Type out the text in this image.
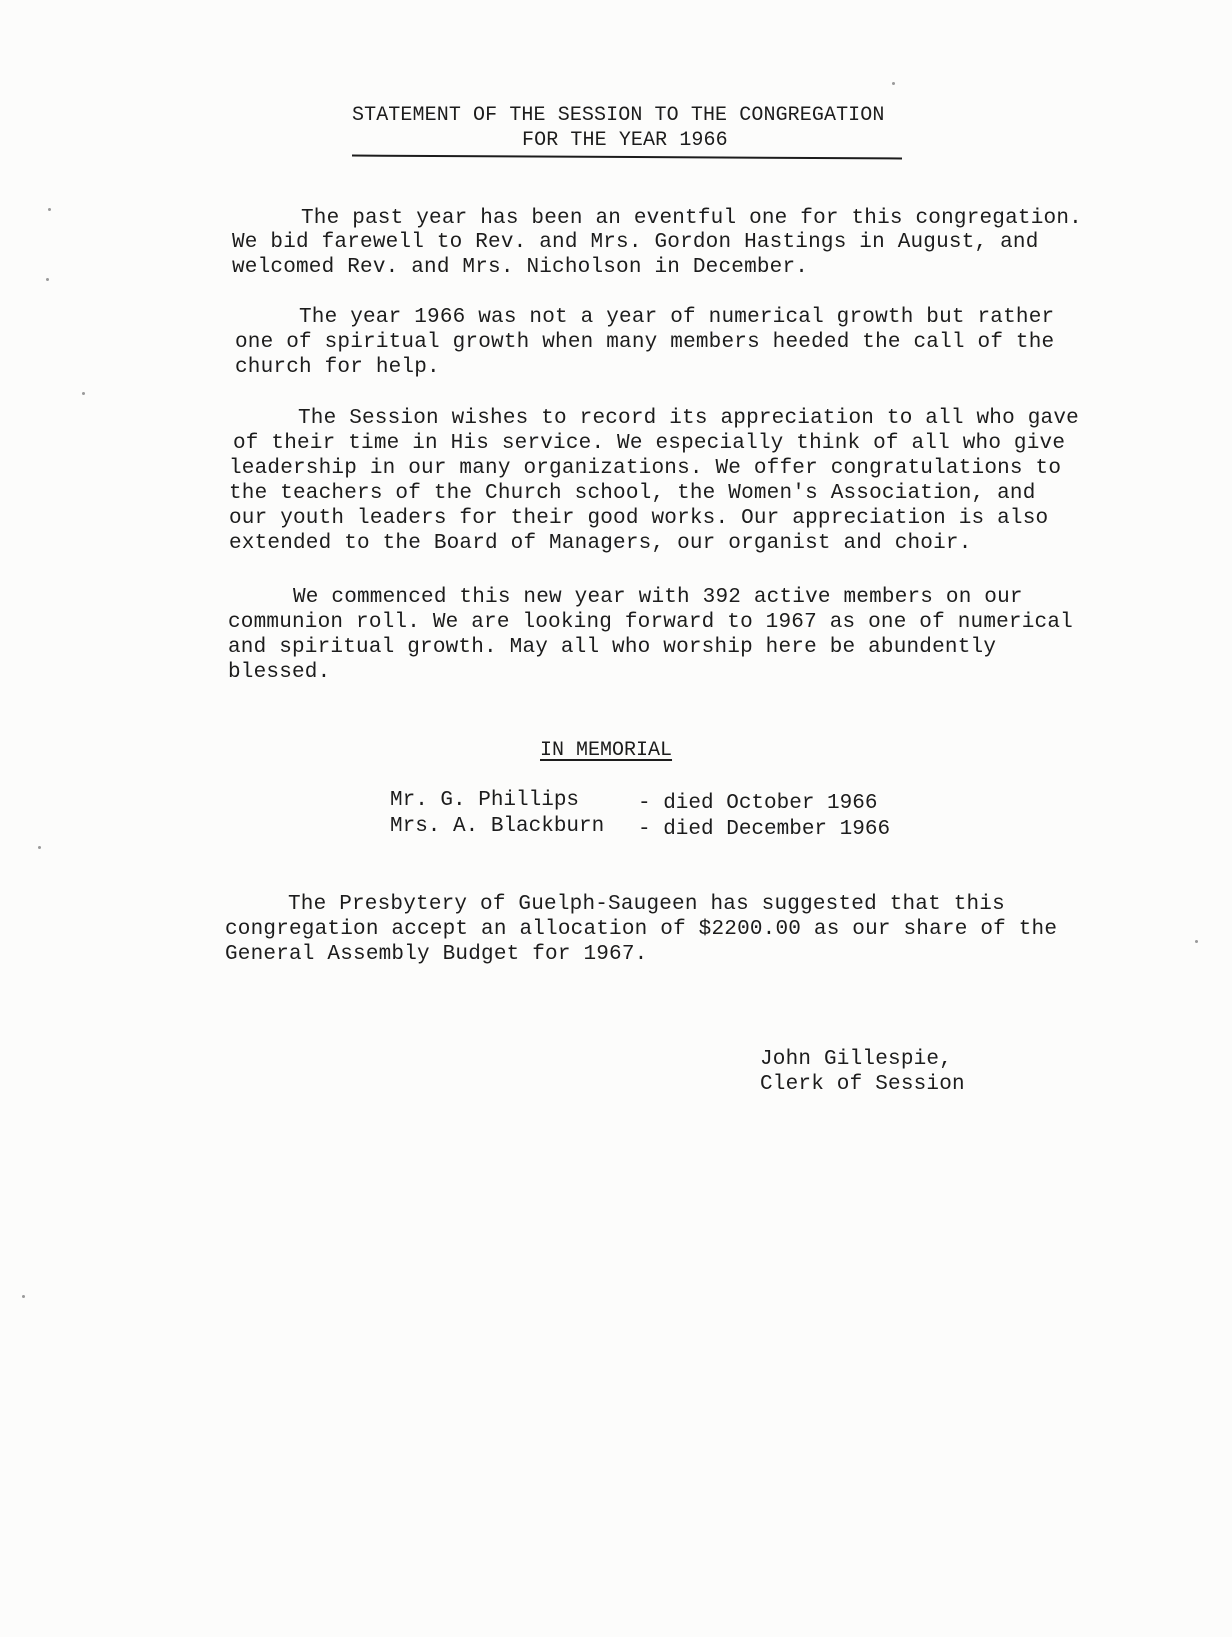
STATEMENT OF THE SESSION TO THE CONGREGATION

FOR THE YEAR 1966

The past year has been an eventful one for this congregation.

We bid farewell to Rev. and Mrs. Gordon Hastings in August, and

welcomed Rev. and Mrs. Nicholson in December.

The year 1966 was not a year of numerical growth but rather

one of spiritual growth when many members heeded the call of the

church for help.

The Session wishes to record its appreciation to all who gave

of their time in His service. We especially think of all who give

leadership in our many organizations. We offer congratulations to

the teachers of the Church school, the Women's Association, and

our youth leaders for their good works. Our appreciation is also

extended to the Board of Managers, our organist and choir.

We commenced this new year with 392 active members on our

communion roll. We are looking forward to 1967 as one of numerical

and spiritual growth. May all who worship here be abundently

blessed.

IN MEMORIAL

Mr. G. Phillips	- died October 1966

Mrs. A. Blackburn - died December 1966

The Presbytery of Guelph-Saugeen has suggested that this

congregation accept an allocation of $2200.00 as our share of the

General Assembly Budget for 1967.

John Gillespie,

Clerk of Session
